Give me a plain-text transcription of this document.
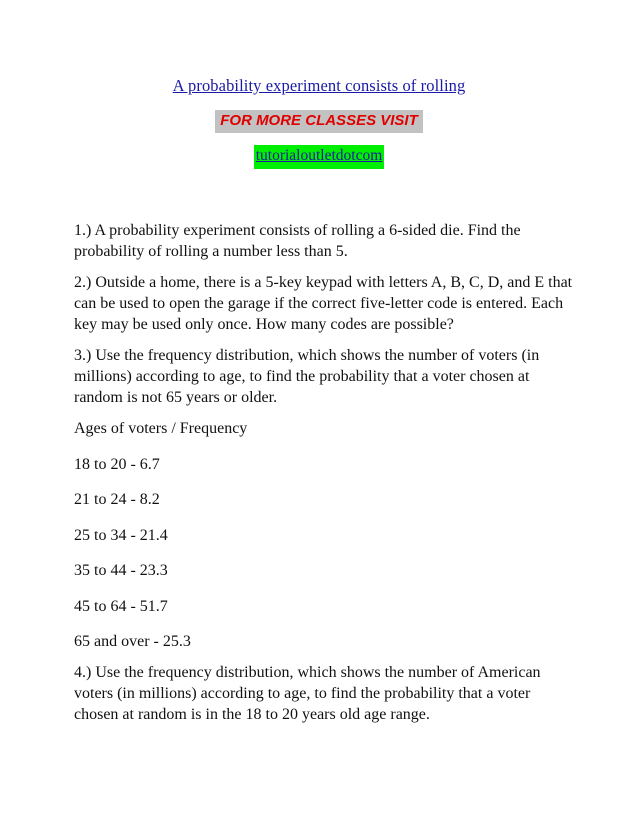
A probability experiment consists of rolling
FOR MORE CLASSES VISIT
tutorialoutletdotcom

1.) A probability experiment consists of rolling a 6-sided die. Find the probability of rolling a number less than 5.

2.) Outside a home, there is a 5-key keypad with letters A, B, C, D, and E that can be used to open the garage if the correct five-letter code is entered. Each key may be used only once. How many codes are possible?

3.) Use the frequency distribution, which shows the number of voters (in millions) according to age, to find the probability that a voter chosen at random is not 65 years or older.

Ages of voters / Frequency

18 to 20 - 6.7

21 to 24 - 8.2

25 to 34 - 21.4

35 to 44 - 23.3

45 to 64 - 51.7

65 and over - 25.3

4.) Use the frequency distribution, which shows the number of American voters (in millions) according to age, to find the probability that a voter chosen at random is in the 18 to 20 years old age range.
